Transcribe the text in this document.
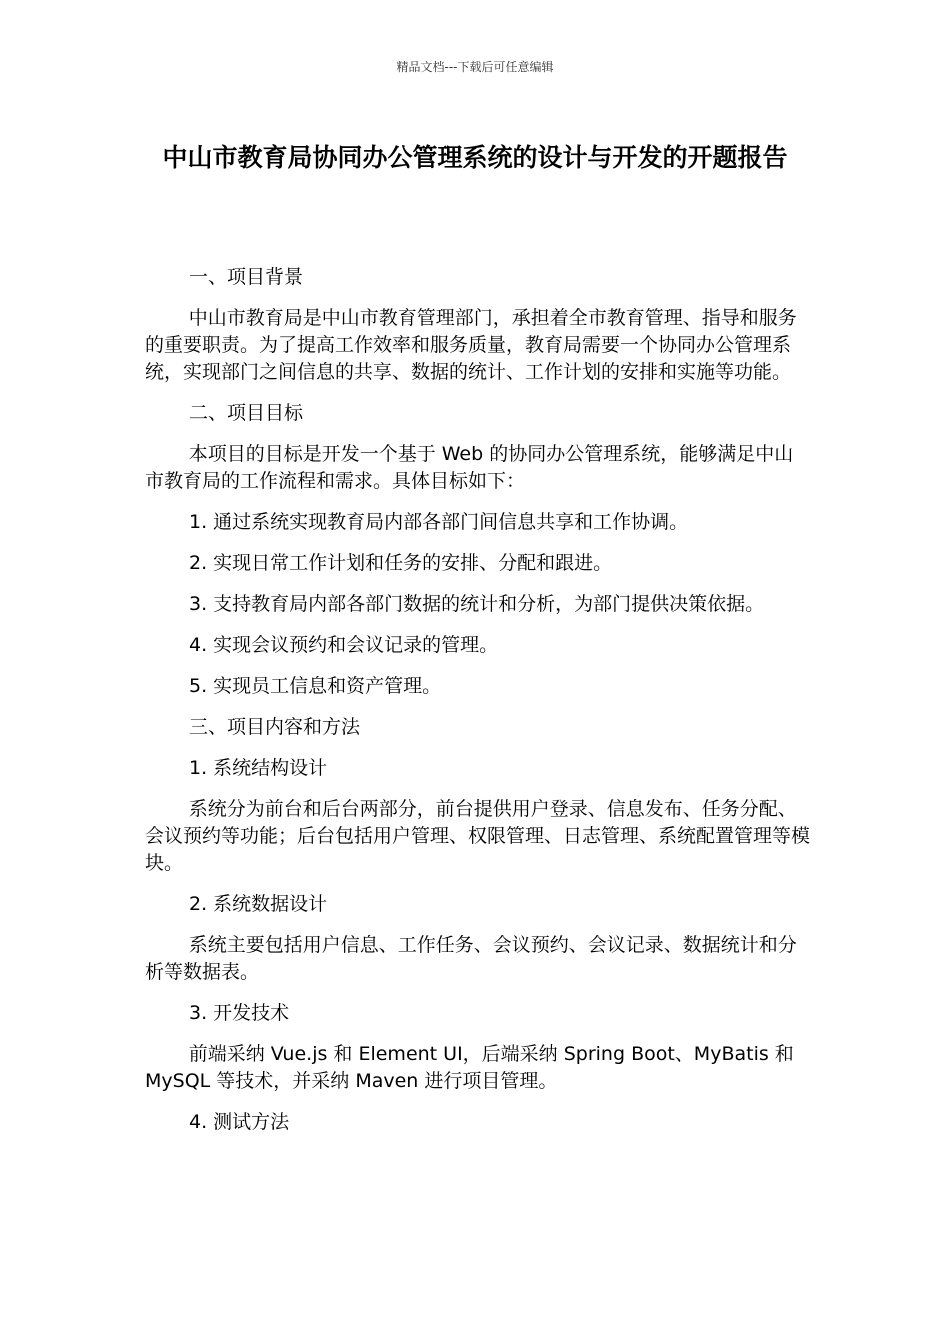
精品文档---下载后可任意编辑
中山市教育局协同办公管理系统的设计与开发的开题报告

一、项目背景

中山市教育局是中山市教育管理部门，承担着全市教育管理、指导和服务的重要职责。为了提高工作效率和服务质量，教育局需要一个协同办公管理系统，实现部门之间信息的共享、数据的统计、工作计划的安排和实施等功能。

二、项目目标

本项目的目标是开发一个基于 Web 的协同办公管理系统，能够满足中山市教育局的工作流程和需求。具体目标如下：

1. 通过系统实现教育局内部各部门间信息共享和工作协调。

2. 实现日常工作计划和任务的安排、分配和跟进。

3. 支持教育局内部各部门数据的统计和分析，为部门提供决策依据。

4. 实现会议预约和会议记录的管理。

5. 实现员工信息和资产管理。

三、项目内容和方法

1. 系统结构设计

系统分为前台和后台两部分，前台提供用户登录、信息发布、任务分配、会议预约等功能；后台包括用户管理、权限管理、日志管理、系统配置管理等模块。

2. 系统数据设计

系统主要包括用户信息、工作任务、会议预约、会议记录、数据统计和分析等数据表。

3. 开发技术

前端采纳 Vue.js 和 Element UI，后端采纳 Spring Boot、MyBatis 和 MySQL 等技术，并采纳 Maven 进行项目管理。

4. 测试方法
